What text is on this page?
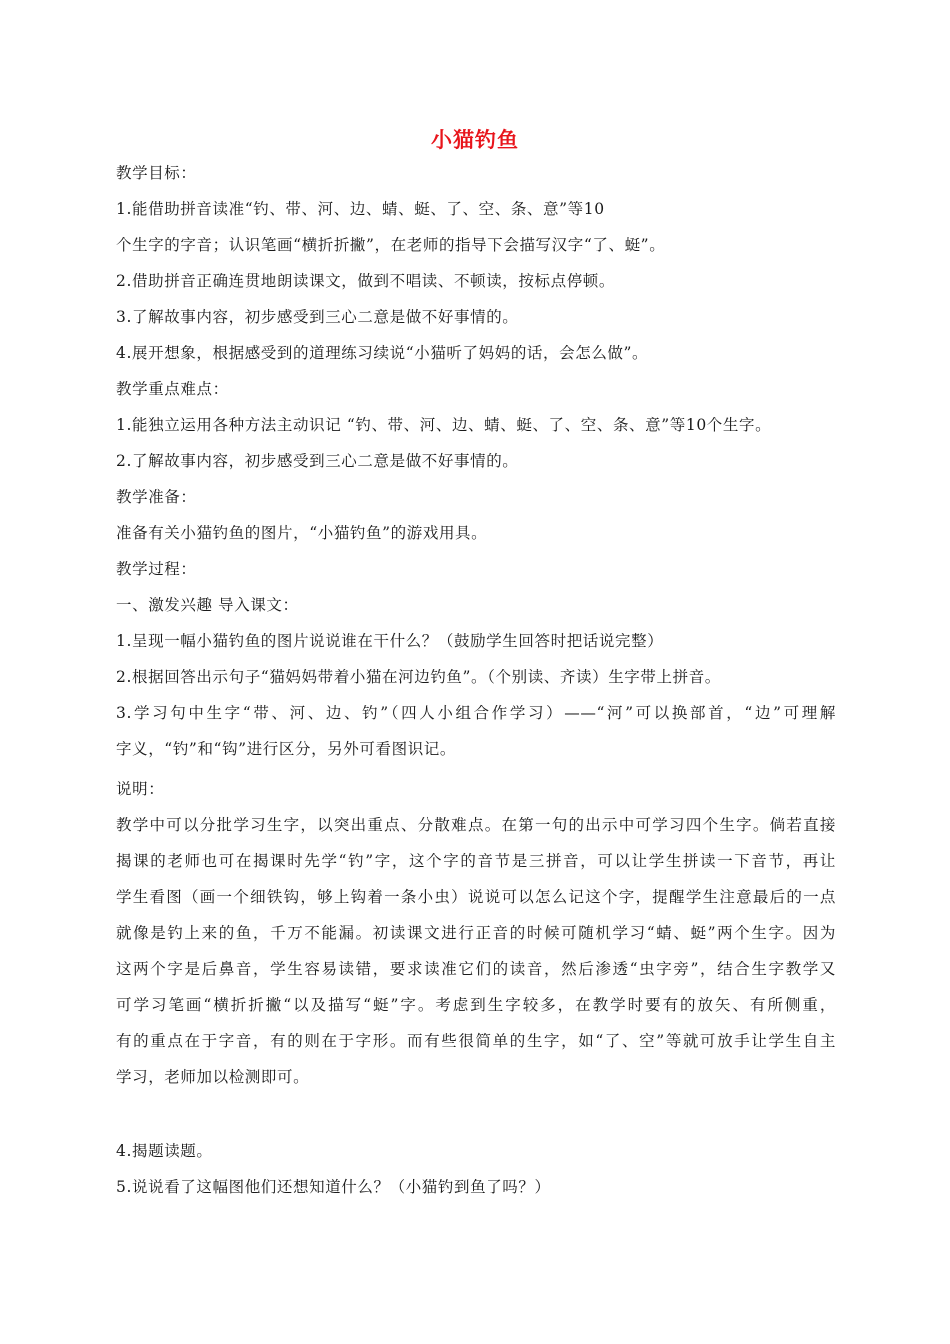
小猫钓鱼
教学目标：
1.能借助拼音读准“钓、带、河、边、蜻、蜓、了、空、条、意”等10
个生字的字音；认识笔画“横折折撇”，在老师的指导下会描写汉字“了、蜓”。
2.借助拼音正确连贯地朗读课文，做到不唱读、不顿读，按标点停顿。
3.了解故事内容，初步感受到三心二意是做不好事情的。
4.展开想象，根据感受到的道理练习续说“小猫听了妈妈的话，会怎么做”。
教学重点难点：
1.能独立运用各种方法主动识记 “钓、带、河、边、蜻、蜓、了、空、条、意”等10个生字。
2.了解故事内容，初步感受到三心二意是做不好事情的。
教学准备：
准备有关小猫钓鱼的图片，“小猫钓鱼”的游戏用具。
教学过程：
一、激发兴趣 导入课文：
1.呈现一幅小猫钓鱼的图片说说谁在干什么？（鼓励学生回答时把话说完整）
2.根据回答出示句子“猫妈妈带着小猫在河边钓鱼”。（个别读、齐读）生字带上拼音。
3.学习句中生字“带、河、边、钓”（四人小组合作学习）——“河”可以换部首，“边”可理解
字义，“钓”和“钩”进行区分，另外可看图识记。
说明：
教学中可以分批学习生字，以突出重点、分散难点。在第一句的出示中可学习四个生字。倘若直接
揭课的老师也可在揭课时先学“钓”字，这个字的音节是三拼音，可以让学生拼读一下音节，再让
学生看图（画一个细铁钩，够上钩着一条小虫）说说可以怎么记这个字，提醒学生注意最后的一点
就像是钓上来的鱼，千万不能漏。初读课文进行正音的时候可随机学习“蜻、蜓”两个生字。因为
这两个字是后鼻音，学生容易读错，要求读准它们的读音，然后渗透“虫字旁”，结合生字教学又
可学习笔画“横折折撇“以及描写“蜓”字。考虑到生字较多，在教学时要有的放矢、有所侧重，
有的重点在于字音，有的则在于字形。而有些很简单的生字，如“了、空”等就可放手让学生自主
学习，老师加以检测即可。
4.揭题读题。
5.说说看了这幅图他们还想知道什么？（小猫钓到鱼了吗？）
